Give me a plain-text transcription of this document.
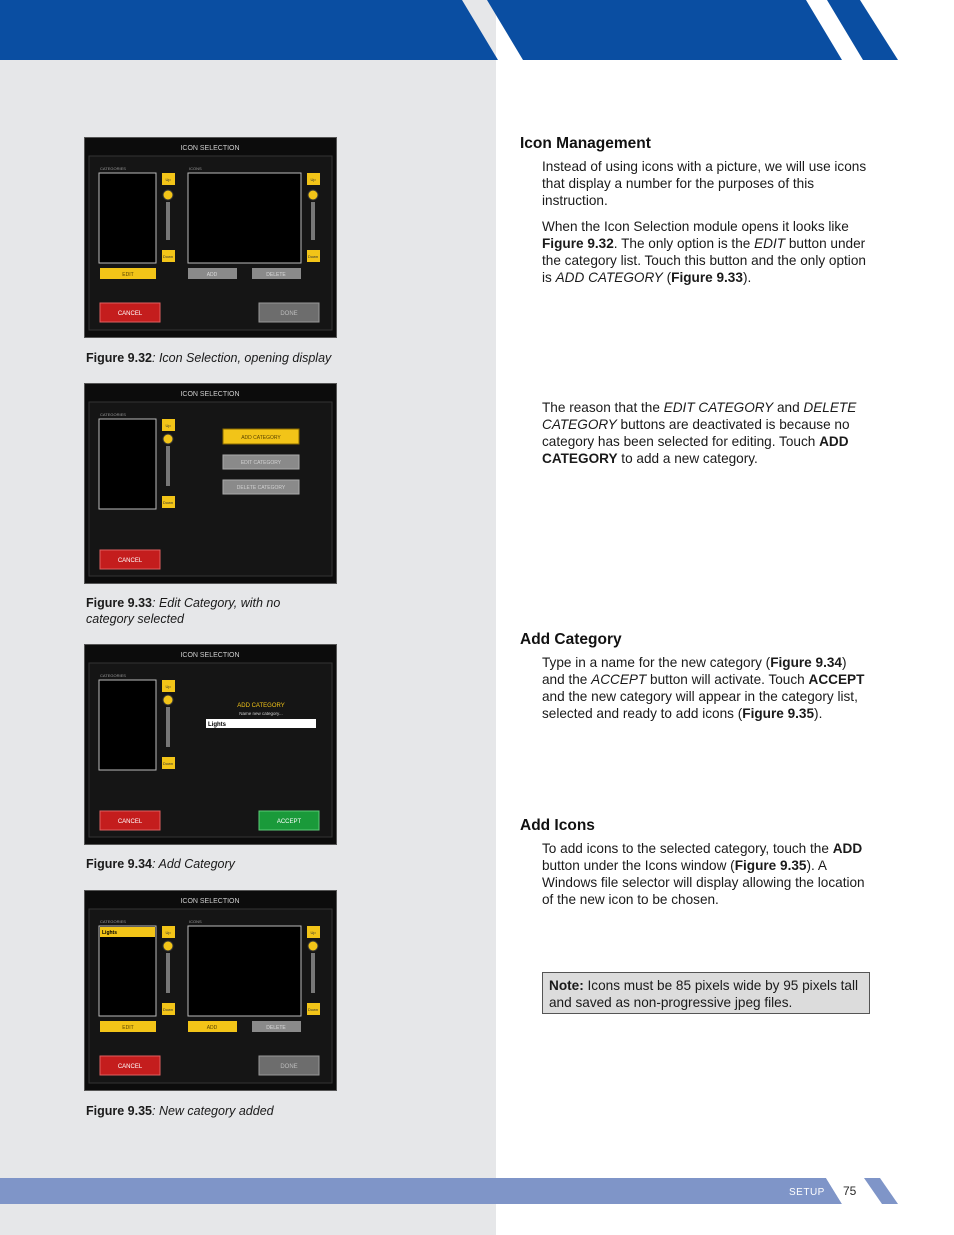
ICON SELECTION
CATEGORIES	ICONS
Up
Down
Up
Down
EDIT	ADD	DELETE
CANCEL	DONE
Figure 9.32: Icon Selection, opening display
ICON SELECTION
CATEGORIES
Up
Down
ADD CATEGORY
EDIT CATEGORY
DELETE CATEGORY
CANCEL
Figure 9.33: Edit Category, with no
category selected
ICON SELECTION
CATEGORIES
Up
Down
ADD CATEGORY
Name new category...
Lights
CANCEL	ACCEPT
Figure 9.34: Add Category
ICON SELECTION
CATEGORIES	ICONS
Lights	Up
Down
Up
Down
EDIT	ADD	DELETE
CANCEL	DONE
Figure 9.35: New category added
Icon Management
Instead of using icons with a picture, we will use icons that display a number for the purposes of this instruction.
When the Icon Selection module opens it looks like Figure 9.32. The only option is the EDIT button under the category list. Touch this button and the only option is ADD CATEGORY (Figure 9.33).
The reason that the EDIT CATEGORY and DELETE CATEGORY buttons are deactivated is because no category has been selected for editing. Touch ADD CATEGORY to add a new category.
Add Category
Type in a name for the new category (Figure 9.34) and the ACCEPT button will activate. Touch ACCEPT and the new category will appear in the category list, selected and ready to add icons (Figure 9.35).
Add Icons
To add icons to the selected category, touch the ADD button under the Icons window (Figure 9.35). A Windows file selector will display allowing the location of the new icon to be chosen.
Note: Icons must be 85 pixels wide by 95 pixels tall and saved as non-progressive jpeg files.
SETUP 75
